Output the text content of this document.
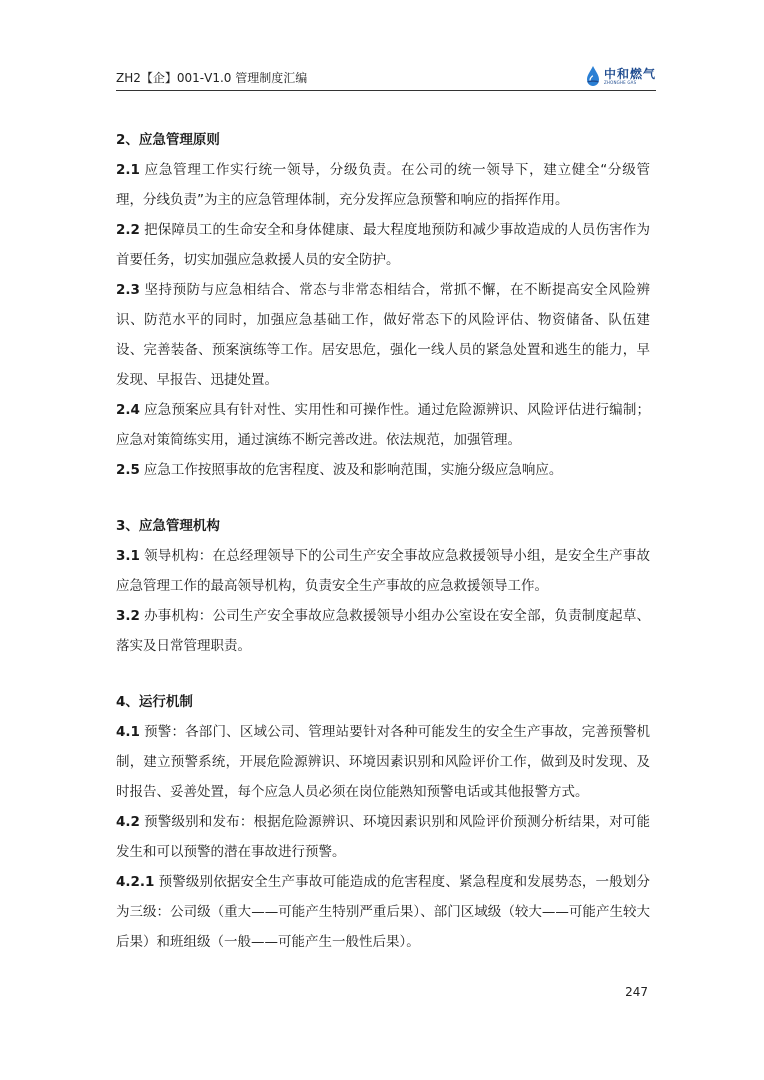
ZH2【企】001-V1.0 管理制度汇编	中和燃气
ZHONGHE GAS
2、应急管理原则

2.1 应急管理工作实行统一领导，分级负责。在公司的统一领导下，建立健全“分级管理，分线负责”为主的应急管理体制，充分发挥应急预警和响应的指挥作用。

2.2 把保障员工的生命安全和身体健康、最大程度地预防和减少事故造成的人员伤害作为首要任务，切实加强应急救援人员的安全防护。

2.3 坚持预防与应急相结合、常态与非常态相结合，常抓不懈，在不断提高安全风险辨识、防范水平的同时，加强应急基础工作，做好常态下的风险评估、物资储备、队伍建设、完善装备、预案演练等工作。居安思危，强化一线人员的紧急处置和逃生的能力，早发现、早报告、迅捷处置。

2.4 应急预案应具有针对性、实用性和可操作性。通过危险源辨识、风险评估进行编制；应急对策简练实用，通过演练不断完善改进。依法规范，加强管理。

2.5 应急工作按照事故的危害程度、波及和影响范围，实施分级应急响应。

3、应急管理机构

3.1 领导机构：在总经理领导下的公司生产安全事故应急救援领导小组，是安全生产事故应急管理工作的最高领导机构，负责安全生产事故的应急救援领导工作。

3.2 办事机构：公司生产安全事故应急救援领导小组办公室设在安全部，负责制度起草、落实及日常管理职责。

4、运行机制

4.1 预警：各部门、区域公司、管理站要针对各种可能发生的安全生产事故，完善预警机制，建立预警系统，开展危险源辨识、环境因素识别和风险评价工作，做到及时发现、及时报告、妥善处置，每个应急人员必须在岗位能熟知预警电话或其他报警方式。

4.2 预警级别和发布：根据危险源辨识、环境因素识别和风险评价预测分析结果，对可能发生和可以预警的潜在事故进行预警。

4.2.1 预警级别依据安全生产事故可能造成的危害程度、紧急程度和发展势态，一般划分为三级：公司级（重大——可能产生特别严重后果）、部门区域级（较大——可能产生较大后果）和班组级（一般——可能产生一般性后果）。

247
